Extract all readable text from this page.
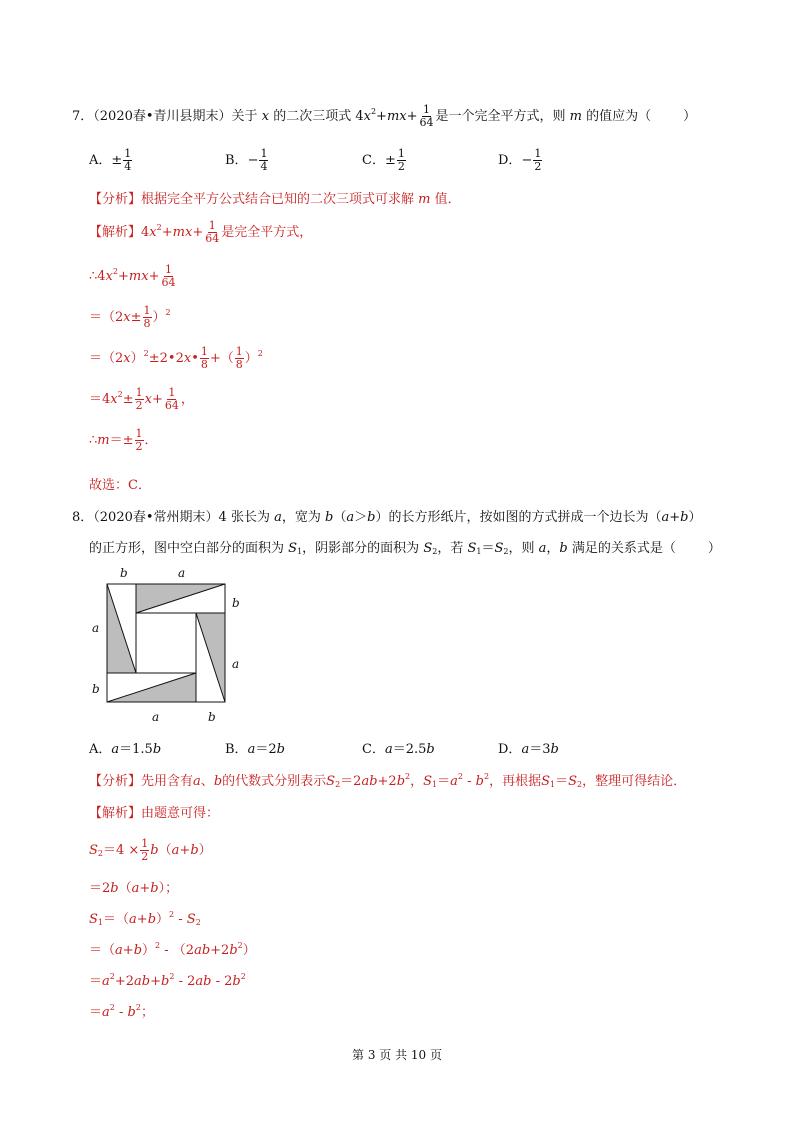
7．（2020春•青川县期末）关于 x 的二次三项式 $4x^2+mx+ \frac{1}{64}$ 是一个完全平方式，则 m 的值应为（ ）
A．± $\frac{1}{4}$	B．− $\frac{1}{4}$	C．± $\frac{1}{2}$	D．− $\frac{1}{2}$
【分析】根据完全平方公式结合已知的二次三项式可求解 m 值．
【解析】$4x^2+mx+ \frac{1}{64}$ 是完全平方式，
$\therefore 4x^2+mx+ \frac{1}{64}$
$=(2x\pm \frac{1}{8} )^2$
$=(2x)^2\pm 2•2x• \frac{1}{8}$ +（ $\frac{1}{8} )^2$
$=4x^2\pm \frac{1}{2} x+ \frac{1}{64}$ ，
∴m＝± $\frac{1}{2}$ ．
故选：C．
8．（2020春•常州期末）4 张长为 a，宽为 b（a＞b）的长方形纸片，按如图的方式拼成一个边长为（a+b）
的正方形，图中空白部分的面积为 $S_1$，阴影部分的面积为 $S_2$，若 $S_1=S_2$，则 a，b 满足的关系式是（ ）
b	a
b
a
a
b
a	b
A．a＝1.5b	B．a＝2b	C．a＝2.5b	D．a＝3b
【分析】先用含有a、b的代数式分别表示$S_2=2ab+2b^2$，$S_1=a^2 - b^2$，再根据$S_1=S_2$，整理可得结论．
【解析】由题意可得：
$S_2=4 \times \frac{1}{2} b(a+b)$
＝2b（a+b）；
$S_1=(a+b)^2 - S_2$
$=(a+b)^2 - (2ab+2b^2)$
$=a^2+2ab+b^2 - 2ab - 2b^2$
$=a^2 - b^2$；
第 3 页 共 10 页
